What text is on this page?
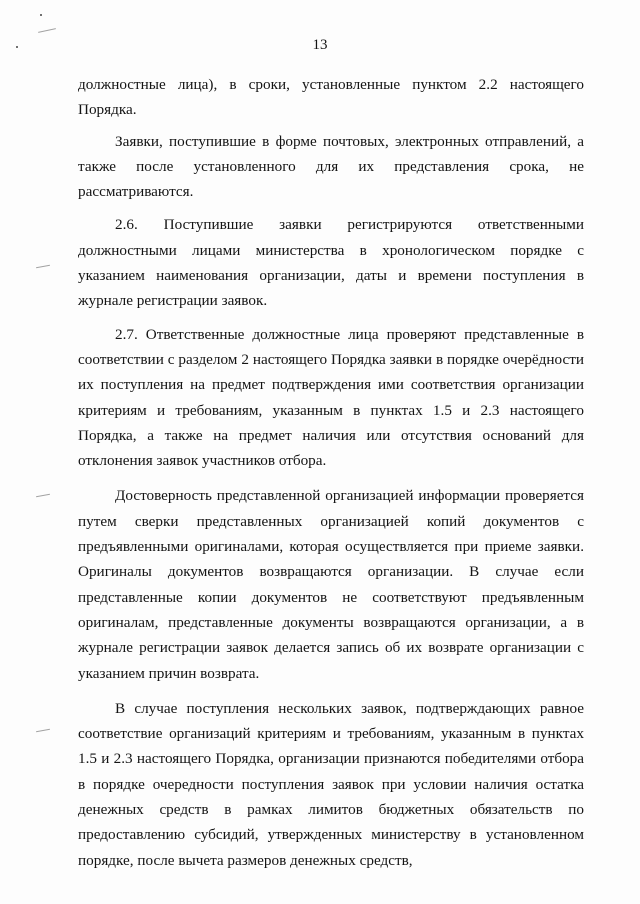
13

должностные лица), в сроки, установленные пунктом 2.2 настоящего Порядка.

Заявки, поступившие в форме почтовых, электронных отправлений, а также после установленного для их представления срока, не рассматриваются.

2.6. Поступившие заявки регистрируются ответственными должностными лицами министерства в хронологическом порядке с указанием наименования организации, даты и времени поступления в журнале регистрации заявок.

2.7. Ответственные должностные лица проверяют представленные в соответствии с разделом 2 настоящего Порядка заявки в порядке очерёдности их поступления на предмет подтверждения ими соответствия организации критериям и требованиям, указанным в пунктах 1.5 и 2.3 настоящего Порядка, а также на предмет наличия или отсутствия оснований для отклонения заявок участников отбора.

Достоверность представленной организацией информации проверяется путем сверки представленных организацией копий документов с предъявленными оригиналами, которая осуществляется при приеме заявки. Оригиналы документов возвращаются организации. В случае если представленные копии документов не соответствуют предъявленным оригиналам, представленные документы возвращаются организации, а в журнале регистрации заявок делается запись об их возврате организации с указанием причин возврата.

В случае поступления нескольких заявок, подтверждающих равное соответствие организаций критериям и требованиям, указанным в пунктах 1.5 и 2.3 настоящего Порядка, организации признаются победителями отбора в порядке очередности поступления заявок при условии наличия остатка денежных средств в рамках лимитов бюджетных обязательств по предоставлению субсидий, утвержденных министерству в установленном порядке, после вычета размеров денежных средств,
